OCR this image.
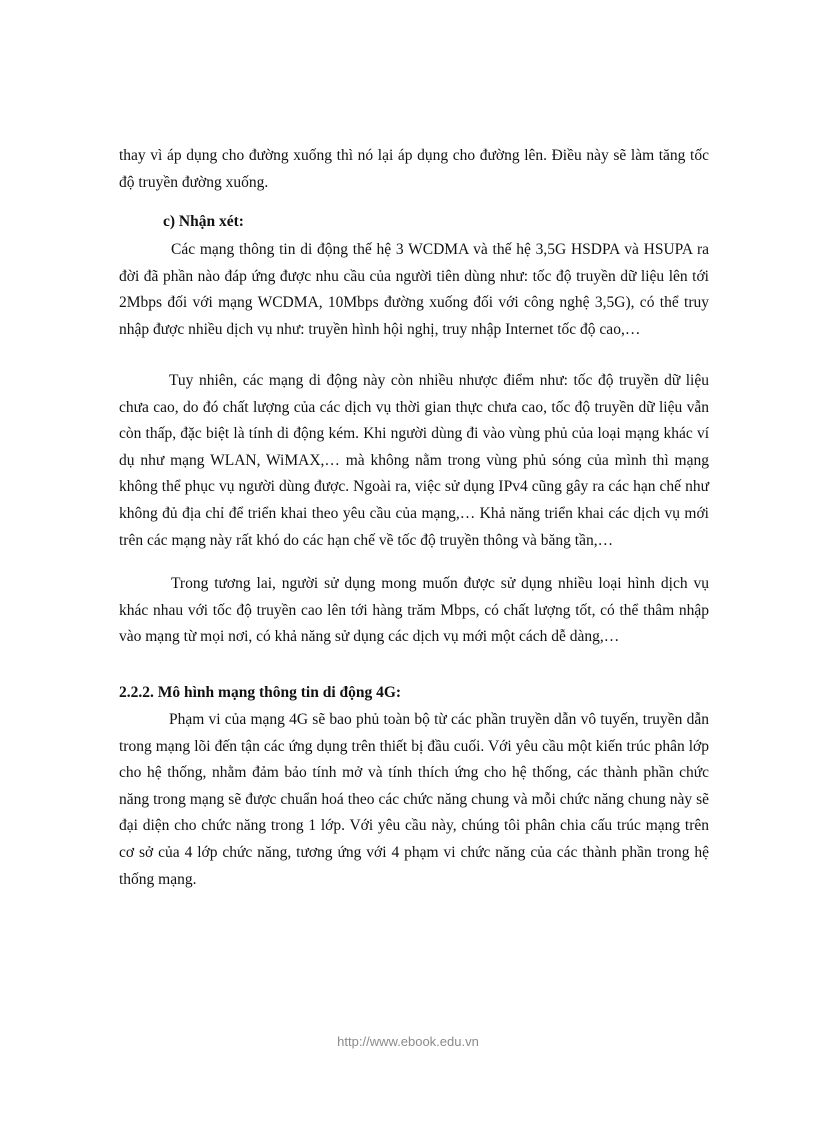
thay vì áp dụng cho đường xuống thì nó lại áp dụng cho đường lên. Điều này sẽ làm tăng tốc độ truyền đường xuống.

c) Nhận xét:

Các mạng thông tin di động thế hệ 3 WCDMA và thế hệ 3,5G HSDPA và HSUPA ra đời đã phần nào đáp ứng được nhu cầu của người tiên dùng như: tốc độ truyền dữ liệu lên tới 2Mbps đối với mạng WCDMA, 10Mbps đường xuống đối với công nghệ 3,5G), có thể truy nhập được nhiều dịch vụ như: truyền hình hội nghị, truy nhập Internet tốc độ cao,…

Tuy nhiên, các mạng di động này còn nhiều nhược điểm như: tốc độ truyền dữ liệu chưa cao, do đó chất lượng của các dịch vụ thời gian thực chưa cao, tốc độ truyền dữ liệu vẫn còn thấp, đặc biệt là tính di động kém. Khi người dùng đi vào vùng phủ của loại mạng khác ví dụ như mạng WLAN, WiMAX,… mà không nằm trong vùng phủ sóng của mình thì mạng không thể phục vụ người dùng được. Ngoài ra, việc sử dụng IPv4 cũng gây ra các hạn chế như không đủ địa chỉ để triển khai theo yêu cầu của mạng,… Khả năng triển khai các dịch vụ mới trên các mạng này rất khó do các hạn chế về tốc độ truyền thông và băng tần,…

Trong tương lai, người sử dụng mong muốn được sử dụng nhiều loại hình dịch vụ khác nhau với tốc độ truyền cao lên tới hàng trăm Mbps, có chất lượng tốt, có thể thâm nhập vào mạng từ mọi nơi, có khả năng sử dụng các dịch vụ mới một cách dễ dàng,…

2.2.2. Mô hình mạng thông tin di động 4G:

Phạm vi của mạng 4G sẽ bao phủ toàn bộ từ các phần truyền dẫn vô tuyến, truyền dẫn trong mạng lõi đến tận các ứng dụng trên thiết bị đầu cuối. Với yêu cầu một kiến trúc phân lớp cho hệ thống, nhằm đảm bảo tính mở và tính thích ứng cho hệ thống, các thành phần chức năng trong mạng sẽ được chuẩn hoá theo các chức năng chung và mỗi chức năng chung này sẽ đại diện cho chức năng trong 1 lớp. Với yêu cầu này, chúng tôi phân chia cấu trúc mạng trên cơ sở của 4 lớp chức năng, tương ứng với 4 phạm vi chức năng của các thành phần trong hệ thống mạng.

http://www.ebook.edu.vn
